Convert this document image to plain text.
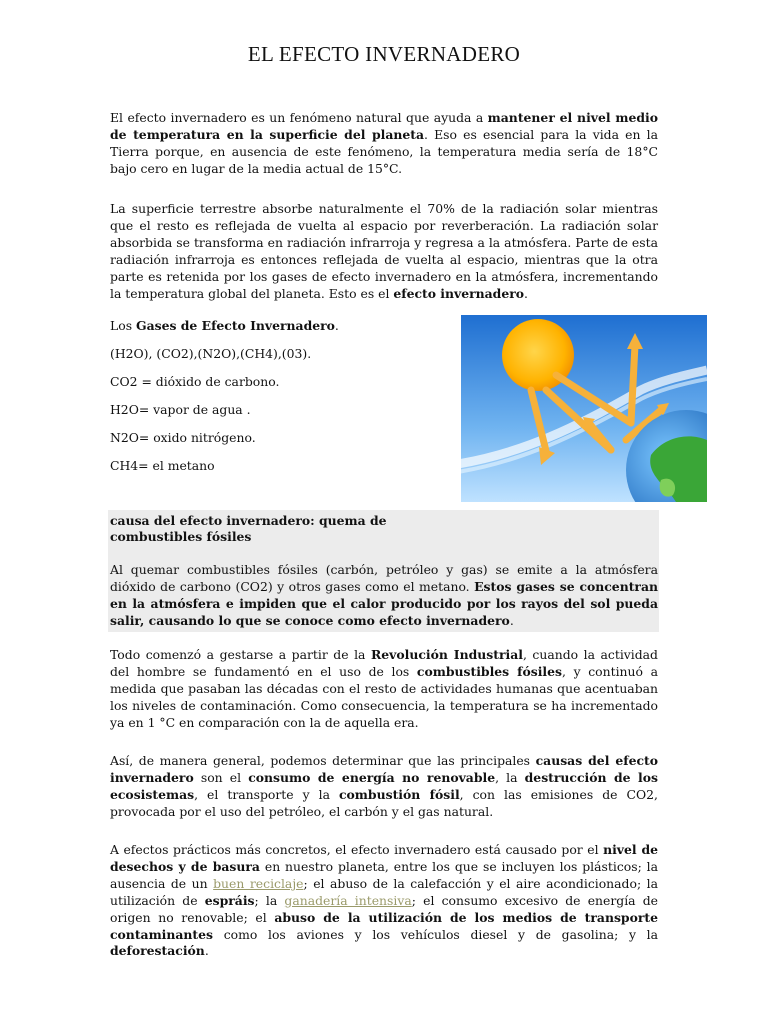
EL EFECTO INVERNADERO

El efecto invernadero es un fenómeno natural que ayuda a mantener el nivel medio de temperatura en la superficie del planeta. Eso es esencial para la vida en la Tierra porque, en ausencia de este fenómeno, la temperatura media sería de 18°C bajo cero en lugar de la media actual de 15°C.

La superficie terrestre absorbe naturalmente el 70% de la radiación solar mientras que el resto es reflejada de vuelta al espacio por reverberación. La radiación solar absorbida se transforma en radiación infrarroja y regresa a la atmósfera. Parte de esta radiación infrarroja es entonces reflejada de vuelta al espacio, mientras que la otra parte es retenida por los gases de efecto invernadero en la atmósfera, incrementando la temperatura global del planeta. Esto es el efecto invernadero.

Los Gases de Efecto Invernadero.

(H2O), (CO2),(N2O),(CH4),(03).

CO2 = dióxido de carbono.

H2O= vapor de agua .

N2O= oxido nitrógeno.

CH4= el metano

causa del efecto invernadero: quema de

combustibles fósiles

Al quemar combustibles fósiles (carbón, petróleo y gas) se emite a la atmósfera dióxido de carbono (CO2) y otros gases como el metano. Estos gases se concentran en la atmósfera e impiden que el calor producido por los rayos del sol pueda salir, causando lo que se conoce como efecto invernadero.

Todo comenzó a gestarse a partir de la Revolución Industrial, cuando la actividad del hombre se fundamentó en el uso de los combustibles fósiles, y continuó a medida que pasaban las décadas con el resto de actividades humanas que acentuaban los niveles de contaminación. Como consecuencia, la temperatura se ha incrementado ya en 1 °C en comparación con la de aquella era.

Así, de manera general, podemos determinar que las principales causas del efecto invernadero son el consumo de energía no renovable, la destrucción de los ecosistemas, el transporte y la combustión fósil, con las emisiones de CO2, provocada por el uso del petróleo, el carbón y el gas natural.

A efectos prácticos más concretos, el efecto invernadero está causado por el nivel de desechos y de basura en nuestro planeta, entre los que se incluyen los plásticos; la ausencia de un buen reciclaje; el abuso de la calefacción y el aire acondicionado; la utilización de espráis; la ganadería intensiva; el consumo excesivo de energía de origen no renovable; el abuso de la utilización de los medios de transporte contaminantes como los aviones y los vehículos diesel y de gasolina; y la deforestación.
